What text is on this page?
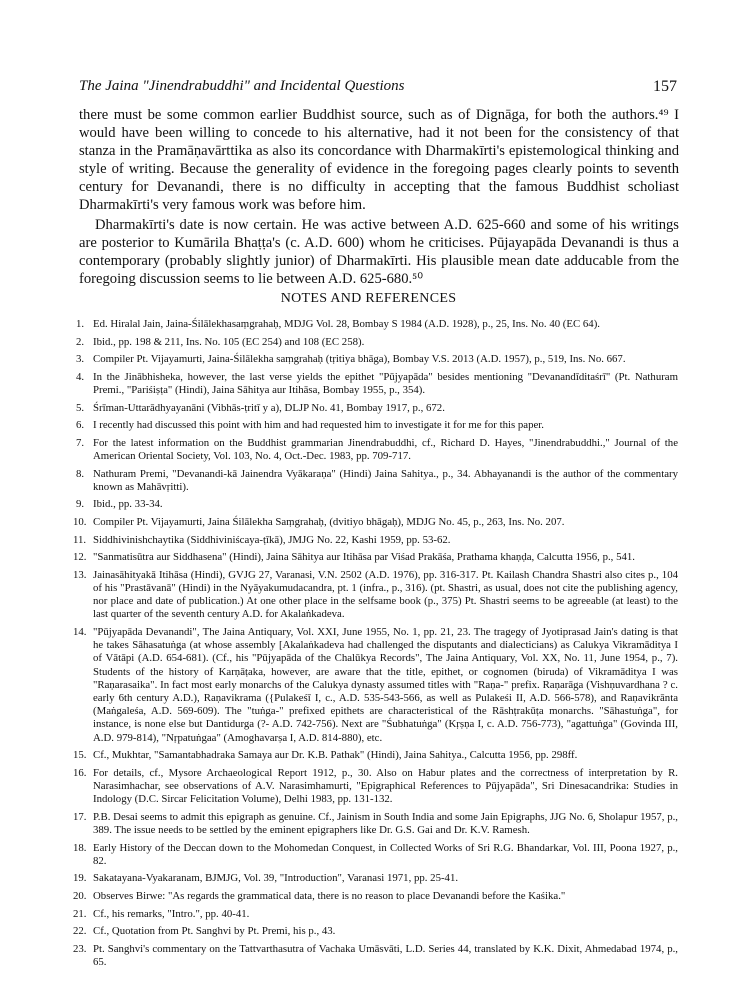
The Jaina "Jinendrabuddhi" and Incidental Questions	157

there must be some common earlier Buddhist source, such as of Dignāga, for both the authors.⁴⁹ I would have been willing to concede to his alternative, had it not been for the consistency of that stanza in the Pramāṇavārttika as also its concordance with Dharmakīrti's epistemological thinking and style of writing. Because the generality of evidence in the foregoing pages clearly points to seventh century for Devanandi, there is no difficulty in accepting that the famous Buddhist scholiast Dharmakīrti's very famous work was before him.

Dharmakīrti's date is now certain. He was active between A.D. 625-660 and some of his writings are posterior to Kumārila Bhaṭṭa's (c. A.D. 600) whom he criticises. Pūjayapāda Devanandi is thus a contemporary (probably slightly junior) of Dharmakīrti. His plausible mean date adducable from the foregoing discussion seems to lie between A.D. 625-680.⁵⁰

NOTES AND REFERENCES
1. Ed. Hiralal Jain, Jaina-Śilālekhasaṃgrahaḥ, MDJG Vol. 28, Bombay S 1984 (A.D. 1928), p., 25, Ins. No. 40 (EC 64).
2. Ibid., pp. 198 & 211, Ins. No. 105 (EC 254) and 108 (EC 258).
3. Compiler Pt. Vijayamurti, Jaina-Śilālekha saṃgrahaḥ (tṛitiya bhāga), Bombay V.S. 2013 (A.D. 1957), p., 519, Ins. No. 667.
4. In the Jinābhisheka, however, the last verse yields the epithet "Pūjyapāda" besides mentioning "Devanandīditaśrī" (Pt. Nathuram Premi., "Pariśiṣṭa" (Hindi), Jaina Sāhitya aur Itihāsa, Bombay 1955, p., 354).
5. Śrīman-Uttarādhyayanāni (Vibhās-ṭritī y a), DLJP No. 41, Bombay 1917, p., 672.
6. I recently had discussed this point with him and had requested him to investigate it for me for this paper.
7. For the latest information on the Buddhist grammarian Jinendrabuddhi, cf., Richard D. Hayes, "Jinendrabuddhi.," Journal of the American Oriental Society, Vol. 103, No. 4, Oct.-Dec. 1983, pp. 709-717.
8. Nathuram Premi, "Devanandi-kā Jainendra Vyākaraṇa" (Hindi) Jaina Sahitya., p., 34. Abhayanandi is the author of the commentary known as Mahāvṛitti).
9. Ibid., pp. 33-34.
10. Compiler Pt. Vijayamurti, Jaina Śilālekha Saṃgrahaḥ, (dvitiyo bhāgaḥ), MDJG No. 45, p., 263, Ins. No. 207.
11. Siddhivinishchaytika (Siddhiviniścaya-ṭīkā), JMJG No. 22, Kashi 1959, pp. 53-62.
12. "Sanmatisūtra aur Siddhasena" (Hindi), Jaina Sāhitya aur Itihāsa par Viśad Prakāśa, Prathama khaṇḍa, Calcutta 1956, p., 541.
13. Jainasāhityakā Itihāsa (Hindi), GVJG 27, Varanasi, V.N. 2502 (A.D. 1976), pp. 316-317. Pt. Kailash Chandra Shastri also cites p., 104 of his "Prastāvanā" (Hindi) in the Nyāyakumudacandra, pt. 1 (infra., p., 316). (pt. Shastri, as usual, does not cite the publishing agency, nor place and date of publication.) At one other place in the selfsame book (p., 375) Pt. Shastri seems to be agreeable (at least) to the last quarter of the seventh century A.D. for Akalaṅkadeva.
14. "Pūjyapāda Devanandi", The Jaina Antiquary, Vol. XXI, June 1955, No. 1, pp. 21, 23. The tragegy of Jyotiprasad Jain's dating is that he takes Sāhasatuṅga (at whose assembly [Akalaṅkadeva had challenged the disputants and dialecticians) as Calukya Vikramāditya I of Vātāpi (A.D. 654-681). (Cf., his "Pūjyapāda of the Chalūkya Records", The Jaina Antiquary, Vol. XX, No. 11, June 1954, p., 7). Students of the history of Karṇāṭaka, however, are aware that the title, epithet, or cognomen (biruda) of Vikramāditya I was "Raṇarasaika". In fact most early monarchs of the Calukya dynasty assumed titles with "Raṇa-" prefix. Raṇarāga (Vishṇuvardhana ? c. early 6th century A.D.), Raṇavikrama ({Pulakeśī I, c., A.D. 535-543-566, as well as Pulakeśi II, A.D. 566-578), and Raṇavikrānta (Maṅgaleśa, A.D. 569-609). The "tuṅga-" prefixed epithets are characteristical of the Rāshṭrakūṭa monarchs. "Sāhastuṅga", for instance, is none else but Dantidurga (?- A.D. 742-756). Next are "Śubhatuṅga" (Kṛṣṇa I, c. A.D. 756-773), "agattuṅga" (Govinda III, A.D. 979-814), "Nṛpatuṅgaa" (Amoghavarṣa I, A.D. 814-880), etc.
15. Cf., Mukhtar, "Samantabhadraka Samaya aur Dr. K.B. Pathak" (Hindi), Jaina Sahitya., Calcutta 1956, pp. 298ff.
16. For details, cf., Mysore Archaeological Report 1912, p., 30. Also on Habur plates and the correctness of interpretation by R. Narasimhachar, see observations of A.V. Narasimhamurti, "Epigraphical References to Pūjyapāda", Sri Dinesacandrika: Studies in Indology (D.C. Sircar Felicitation Volume), Delhi 1983, pp. 131-132.
17. P.B. Desai seems to admit this epigraph as genuine. Cf., Jainism in South India and some Jain Epigraphs, JJG No. 6, Sholapur 1957, p., 389. The issue needs to be settled by the eminent epigraphers like Dr. G.S. Gai and Dr. K.V. Ramesh.
18. Early History of the Deccan down to the Mohomedan Conquest, in Collected Works of Sri R.G. Bhandarkar, Vol. III, Poona 1927, p., 82.
19. Sakatayana-Vyakaranam, BJMJG, Vol. 39, "Introduction", Varanasi 1971, pp. 25-41.
20. Observes Birwe: "As regards the grammatical data, there is no reason to place Devanandi before the Kaśika."
21. Cf., his remarks, "Intro.", pp. 40-41.
22. Cf., Quotation from Pt. Sanghvi by Pt. Premi, his p., 43.
23. Pt. Sanghvi's commentary on the Tattvarthasutra of Vachaka Umāsvāti, L.D. Series 44, translated by K.K. Dixit, Ahmedabad 1974, p., 65.
